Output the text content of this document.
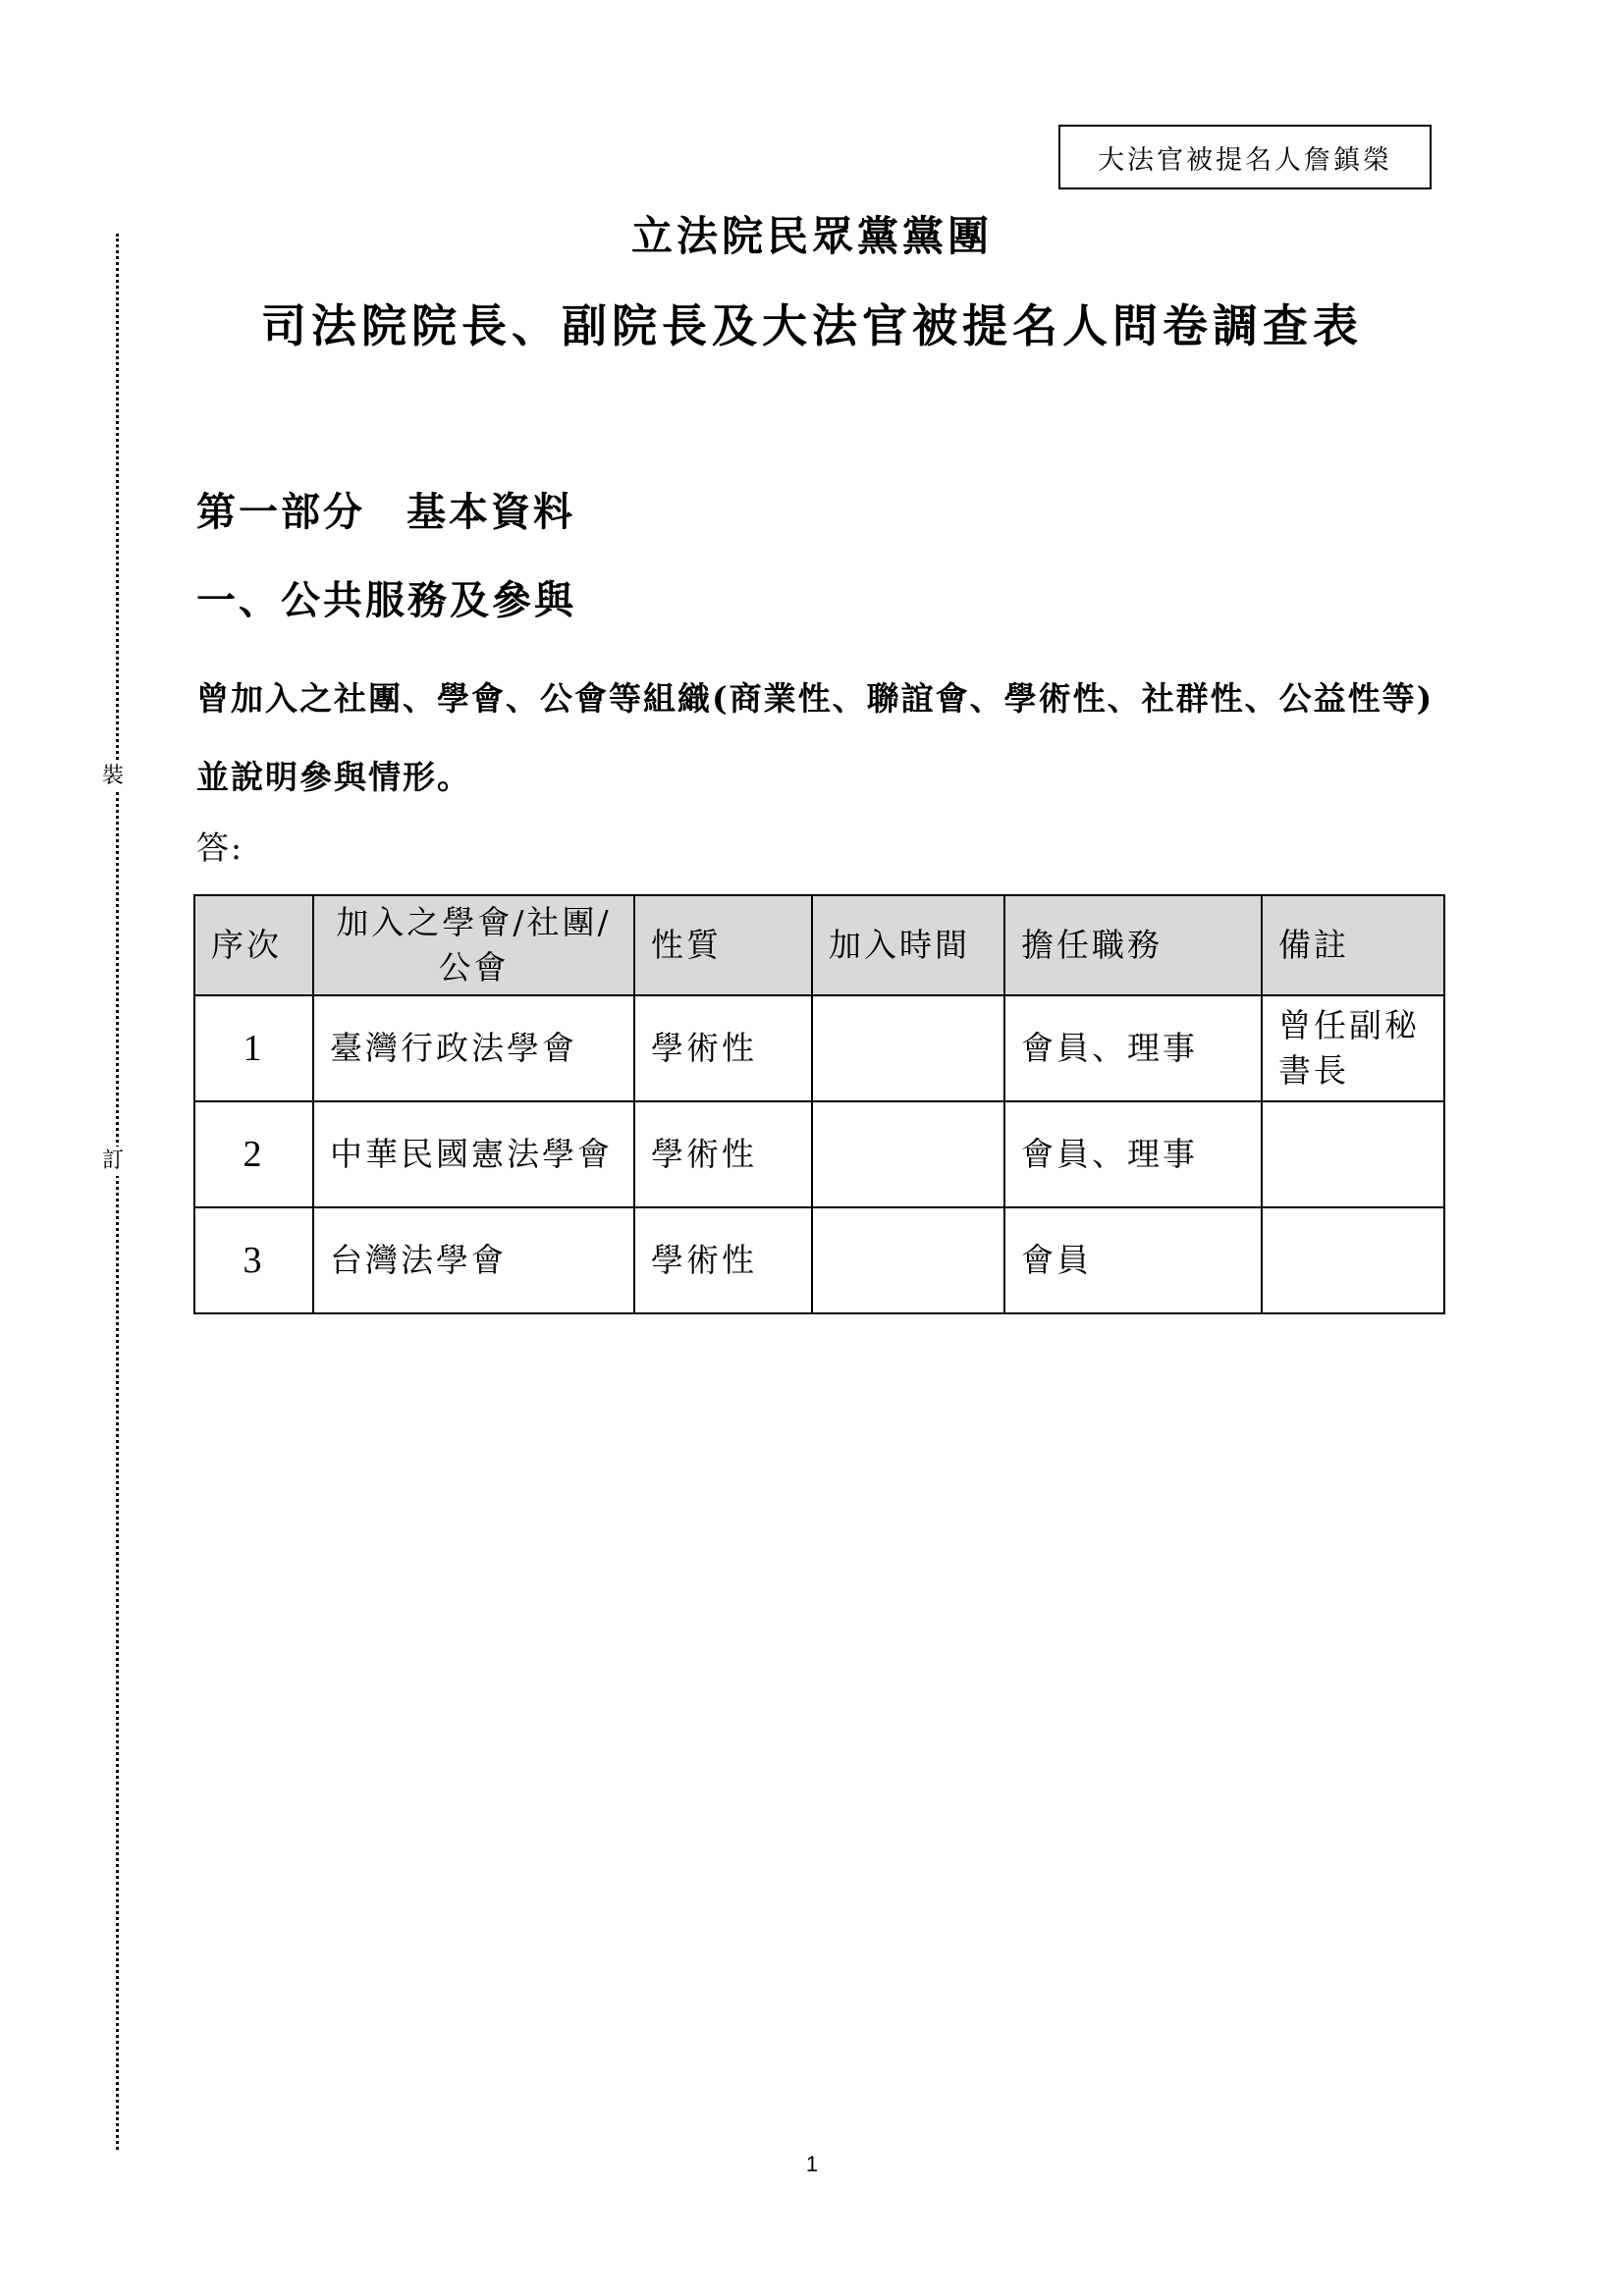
裝
訂
大法官被提名人詹鎮榮
立法院民眾黨黨團
司法院院長、副院長及大法官被提名人問卷調查表
第一部分 基本資料
一、公共服務及參與
曾加入之社團、學會、公會等組織(商業性、聯誼會、學術性、社群性、公益性等)並說明參與情形。
答:
序次	加入之學會/社團/公會	性質	加入時間	擔任職務	備註
1	臺灣行政法學會	學術性		會員、理事	曾任副秘書長
2	中華民國憲法學會	學術性		會員、理事	
3	台灣法學會	學術性		會員	
1
